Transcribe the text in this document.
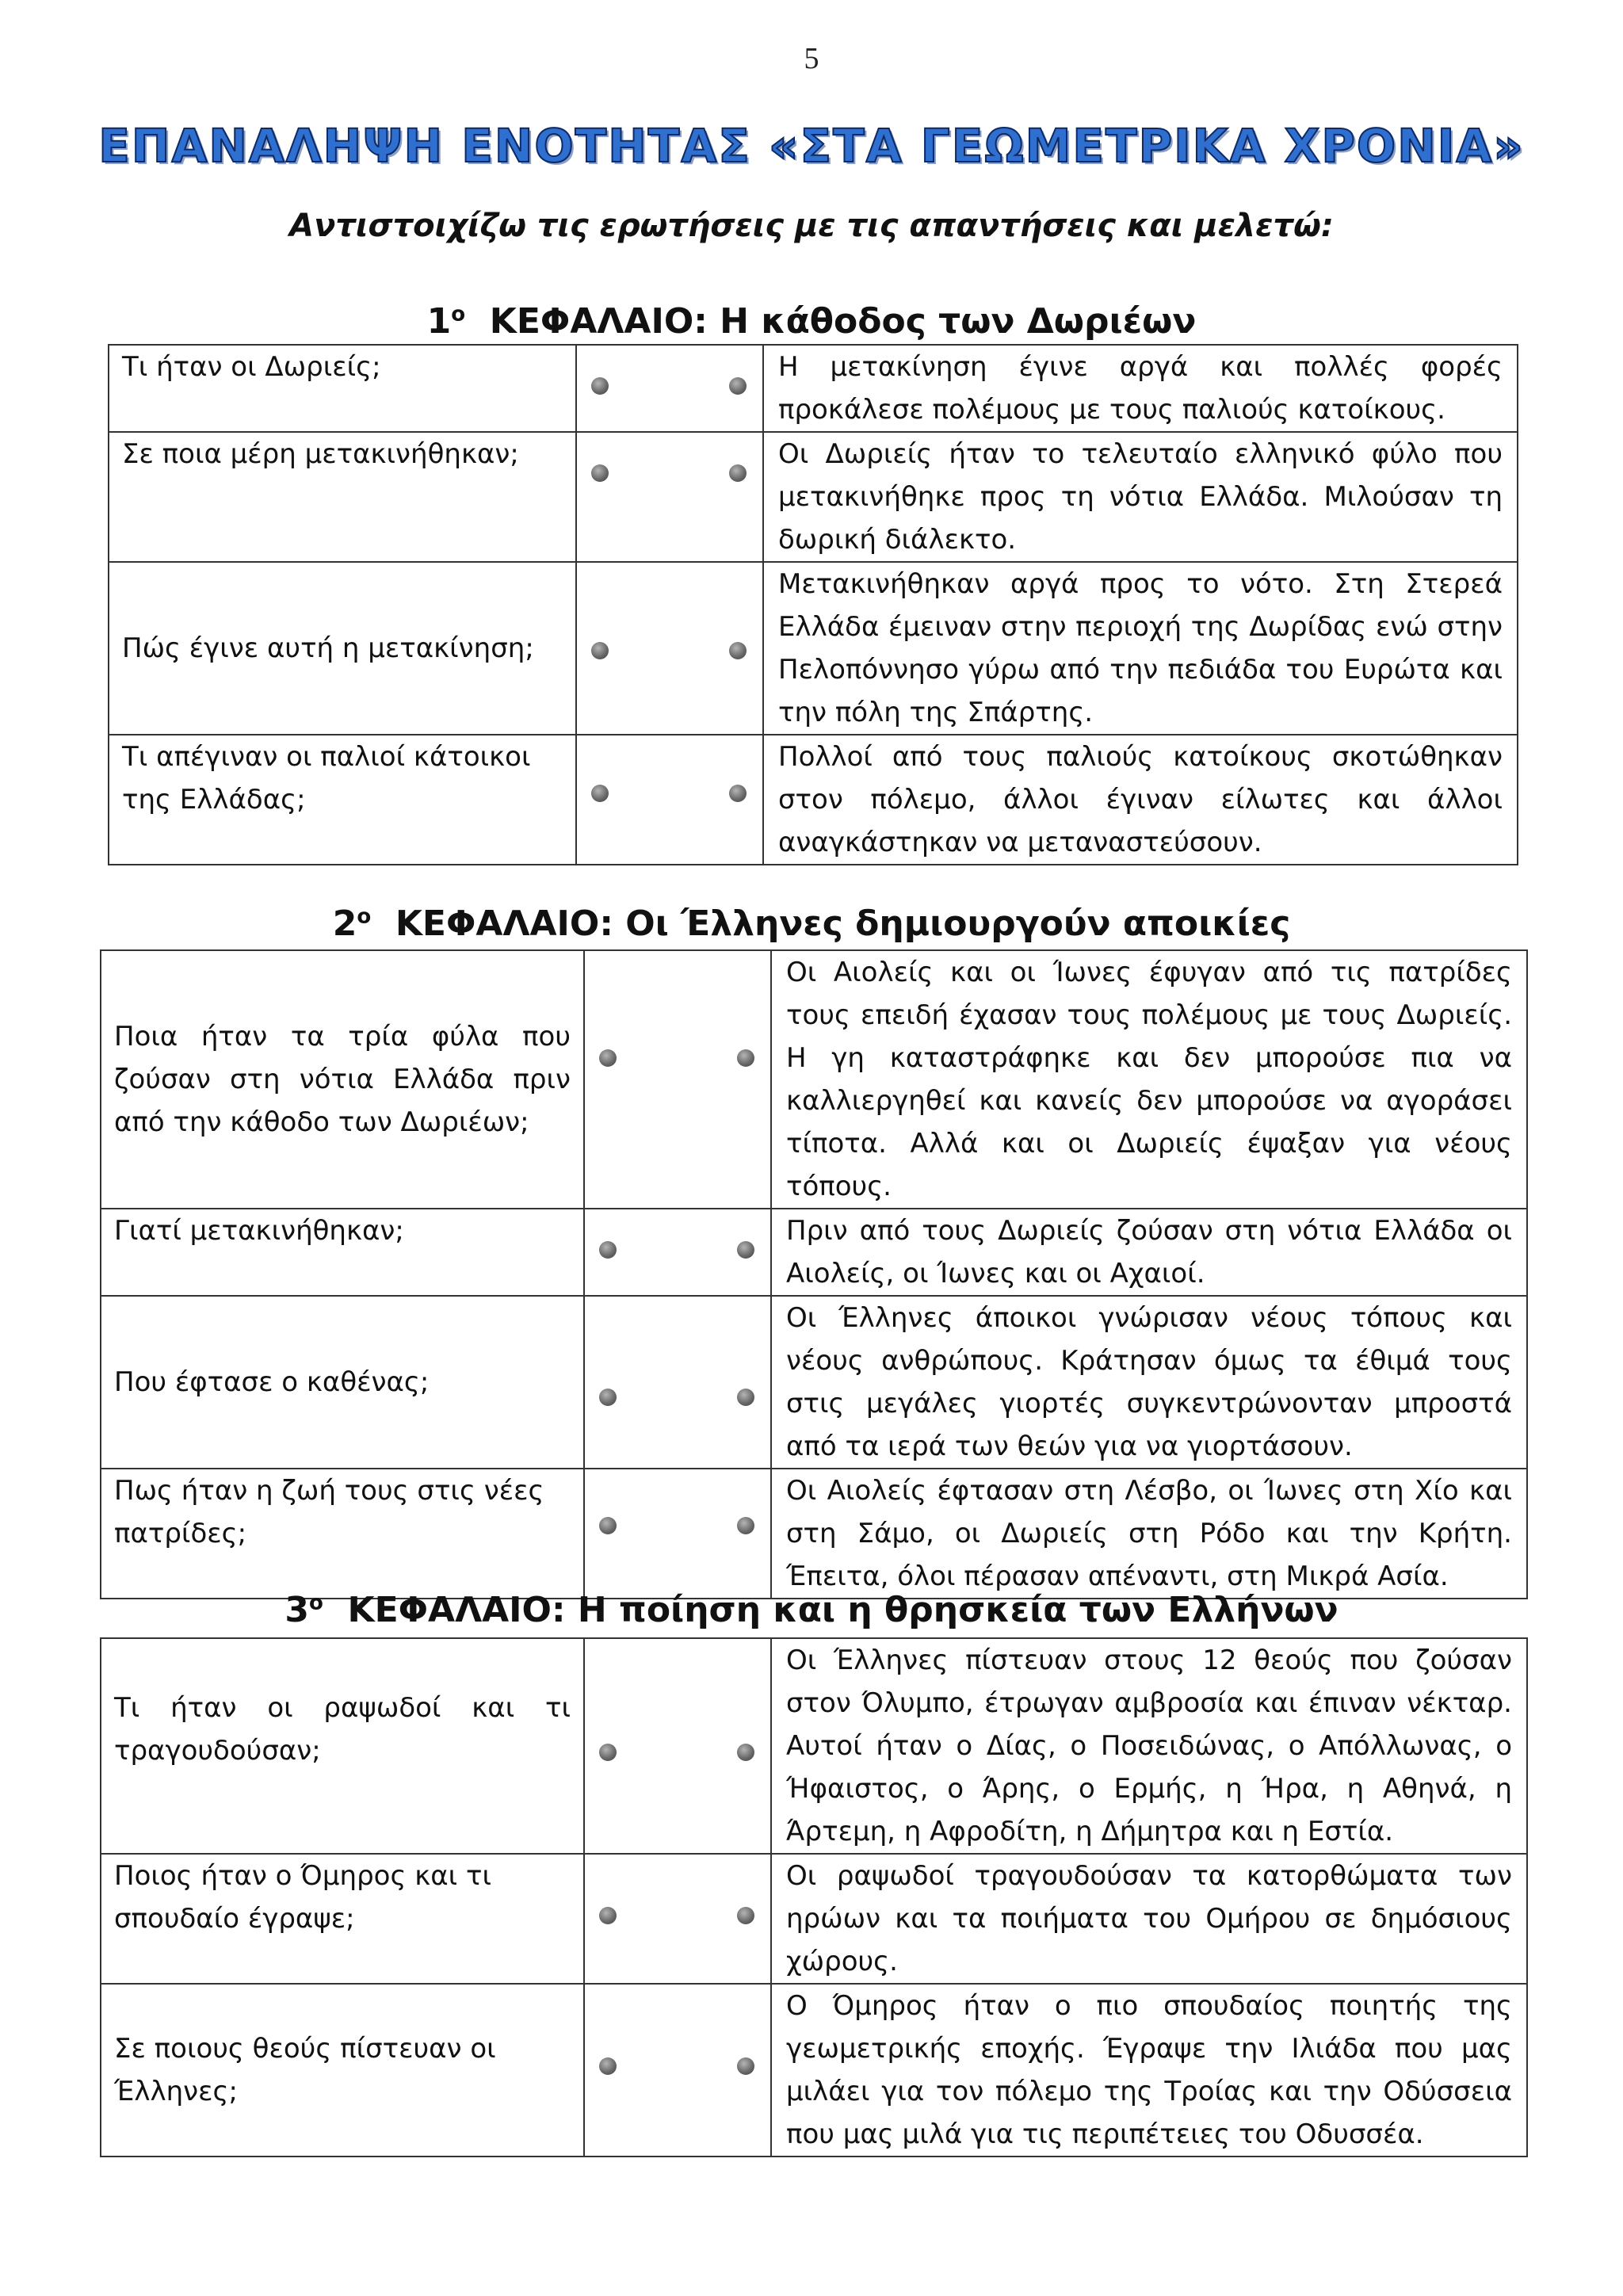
5
ΕΠΑΝΑΛΗΨΗ ΕΝΟΤΗΤΑΣ «ΣΤΑ ΓΕΩΜΕΤΡΙΚΑ ΧΡΟΝΙΑ»
Αντιστοιχίζω τις ερωτήσεις με τις απαντήσεις και μελετώ:
$1^o$ ΚΕΦΑΛΑΙΟ: Η κάθοδος των Δωριέων
Τι ήταν οι Δωριείς;		Η μετακίνηση έγινε αργά και πολλές φορές προκάλεσε πολέμους με τους παλιούς κατοίκους.
Σε ποια μέρη μετακινήθηκαν;		Οι Δωριείς ήταν το τελευταίο ελληνικό φύλο που μετακινήθηκε προς τη νότια Ελλάδα. Μιλούσαν τη δωρική διάλεκτο.
Πώς έγινε αυτή η μετακίνηση;		Μετακινήθηκαν αργά προς το νότο. Στη Στερεά Ελλάδα έμειναν στην περιοχή της Δωρίδας ενώ στην Πελοπόννησο γύρω από την πεδιάδα του Ευρώτα και την πόλη της Σπάρτης.
Τι απέγιναν οι παλιοί κάτοικοι της Ελλάδας;		Πολλοί από τους παλιούς κατοίκους σκοτώθηκαν στον πόλεμο, άλλοι έγιναν είλωτες και άλλοι αναγκάστηκαν να μεταναστεύσουν.
$2^o$ ΚΕΦΑΛΑΙΟ: Οι Έλληνες δημιουργούν αποικίες
Ποια ήταν τα τρία φύλα που ζούσαν στη νότια Ελλάδα πριν από την κάθοδο των Δωριέων;		Οι Αιολείς και οι Ίωνες έφυγαν από τις πατρίδες τους επειδή έχασαν τους πολέμους με τους Δωριείς. Η γη καταστράφηκε και δεν μπορούσε πια να καλλιεργηθεί και κανείς δεν μπορούσε να αγοράσει τίποτα. Αλλά και οι Δωριείς έψαξαν για νέους τόπους.
Γιατί μετακινήθηκαν;		Πριν από τους Δωριείς ζούσαν στη νότια Ελλάδα οι Αιολείς, οι Ίωνες και οι Αχαιοί.
Που έφτασε ο καθένας;		Οι Έλληνες άποικοι γνώρισαν νέους τόπους και νέους ανθρώπους. Κράτησαν όμως τα έθιμά τους στις μεγάλες γιορτές συγκεντρώνονταν μπροστά από τα ιερά των θεών για να γιορτάσουν.
Πως ήταν η ζωή τους στις νέες πατρίδες;		Οι Αιολείς έφτασαν στη Λέσβο, οι Ίωνες στη Χίο και στη Σάμο, οι Δωριείς στη Ρόδο και την Κρήτη. Έπειτα, όλοι πέρασαν απέναντι, στη Μικρά Ασία.
$3^o$ ΚΕΦΑΛΑΙΟ: Η ποίηση και η θρησκεία των Ελλήνων
Τι ήταν οι ραψωδοί και τι τραγουδούσαν;		Οι Έλληνες πίστευαν στους 12 θεούς που ζούσαν στον Όλυμπο, έτρωγαν αμβροσία και έπιναν νέκταρ. Αυτοί ήταν ο Δίας, ο Ποσειδώνας, ο Απόλλωνας, ο Ήφαιστος, ο Άρης, ο Ερμής, η Ήρα, η Αθηνά, η Άρτεμη, η Αφροδίτη, η Δήμητρα και η Εστία.
Ποιος ήταν ο Όμηρος και τι σπουδαίο έγραψε;		Οι ραψωδοί τραγουδούσαν τα κατορθώματα των ηρώων και τα ποιήματα του Ομήρου σε δημόσιους χώρους.
Σε ποιους θεούς πίστευαν οι Έλληνες;		Ο Όμηρος ήταν ο πιο σπουδαίος ποιητής της γεωμετρικής εποχής. Έγραψε την Ιλιάδα που μας μιλάει για τον πόλεμο της Τροίας και την Οδύσσεια που μας μιλά για τις περιπέτειες του Οδυσσέα.
